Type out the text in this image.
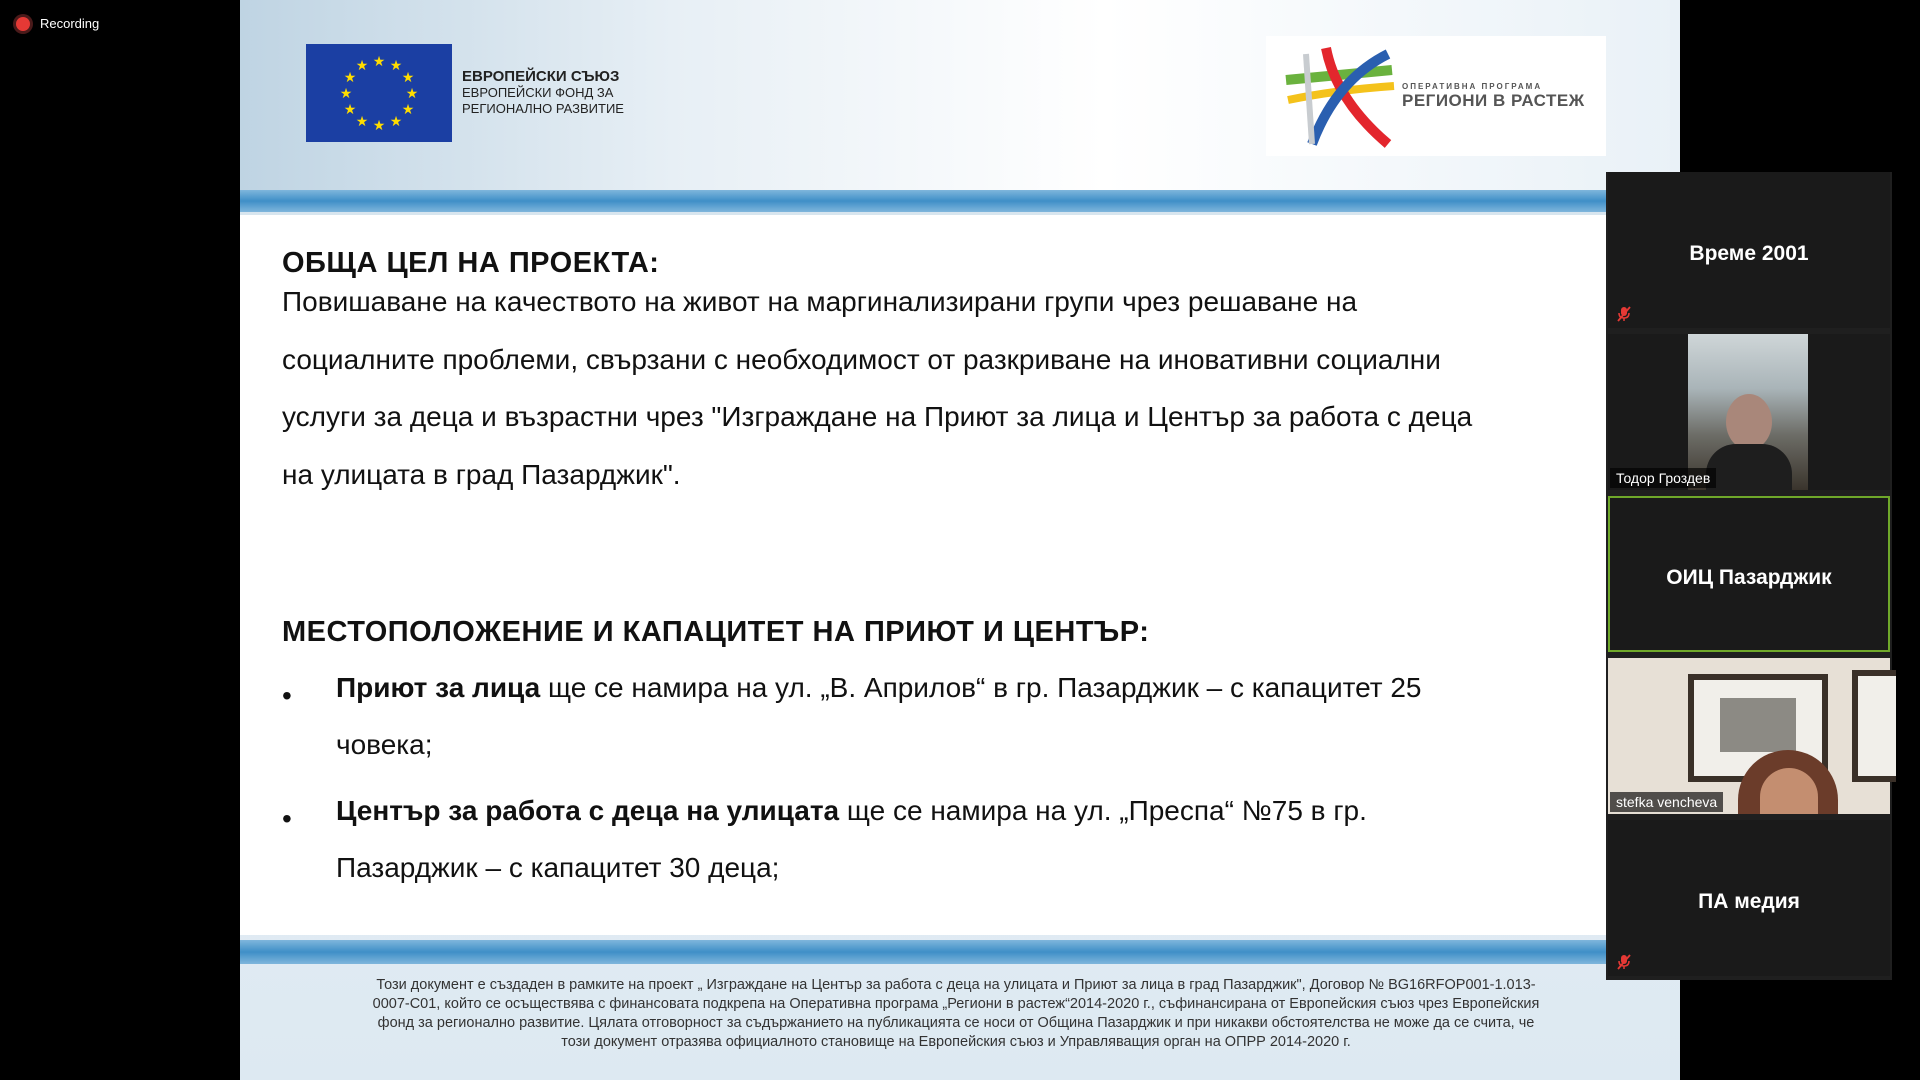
Recording
★ ★
★
★
★
★
★
★
★
★
★
★
ЕВРОПЕЙСКИ СЪЮЗ
ЕВРОПЕЙСКИ ФОНД ЗА
РЕГИОНАЛНО РАЗВИТИЕ
ОПЕРАТИВНА ПРОГРАМА
РЕГИОНИ В РАСТЕЖ
ОБЩА ЦЕЛ НА ПРОЕКТА:
Повишаване на качеството на живот на маргинализирани групи чрез решаване на
социалните проблеми, свързани с необходимост от разкриване на иновативни социални
услуги за деца и възрастни чрез "Изграждане на Приют за лица и Център за работа с деца
на улицата в град Пазарджик".
МЕСТОПОЛОЖЕНИЕ И КАПАЦИТЕТ НА ПРИЮТ И ЦЕНТЪР:
• Приют за лица ще се намира на ул. „В. Априлов“ в гр. Пазарджик – с капацитет 25
човека;
• Център за работа с деца на улицата ще се намира на ул. „Преспа“ №75 в гр.
Пазарджик – с капацитет 30 деца;
Този документ е създаден в рамките на проект „ Изграждане на Център за работа с деца на улицата и Приют за лица в град Пазарджик", Договор № BG16RFOP001-1.013-
0007-C01, който се осъществява с финансовата подкрепа на Оперативна програма „Региони в растеж“2014-2020 г., съфинансирана от Европейския съюз чрез Европейския
фонд за регионално развитие. Цялата отговорност за съдържанието на публикацията се носи от Община Пазарджик и при никакви обстоятелства не може да се счита, че
този документ отразява официалното становище на Европейския съюз и Управляващия орган на ОПРР 2014-2020 г.
Време 2001
Тодор Гроздев
ОИЦ Пазарджик
stefka vencheva
ПА медия
